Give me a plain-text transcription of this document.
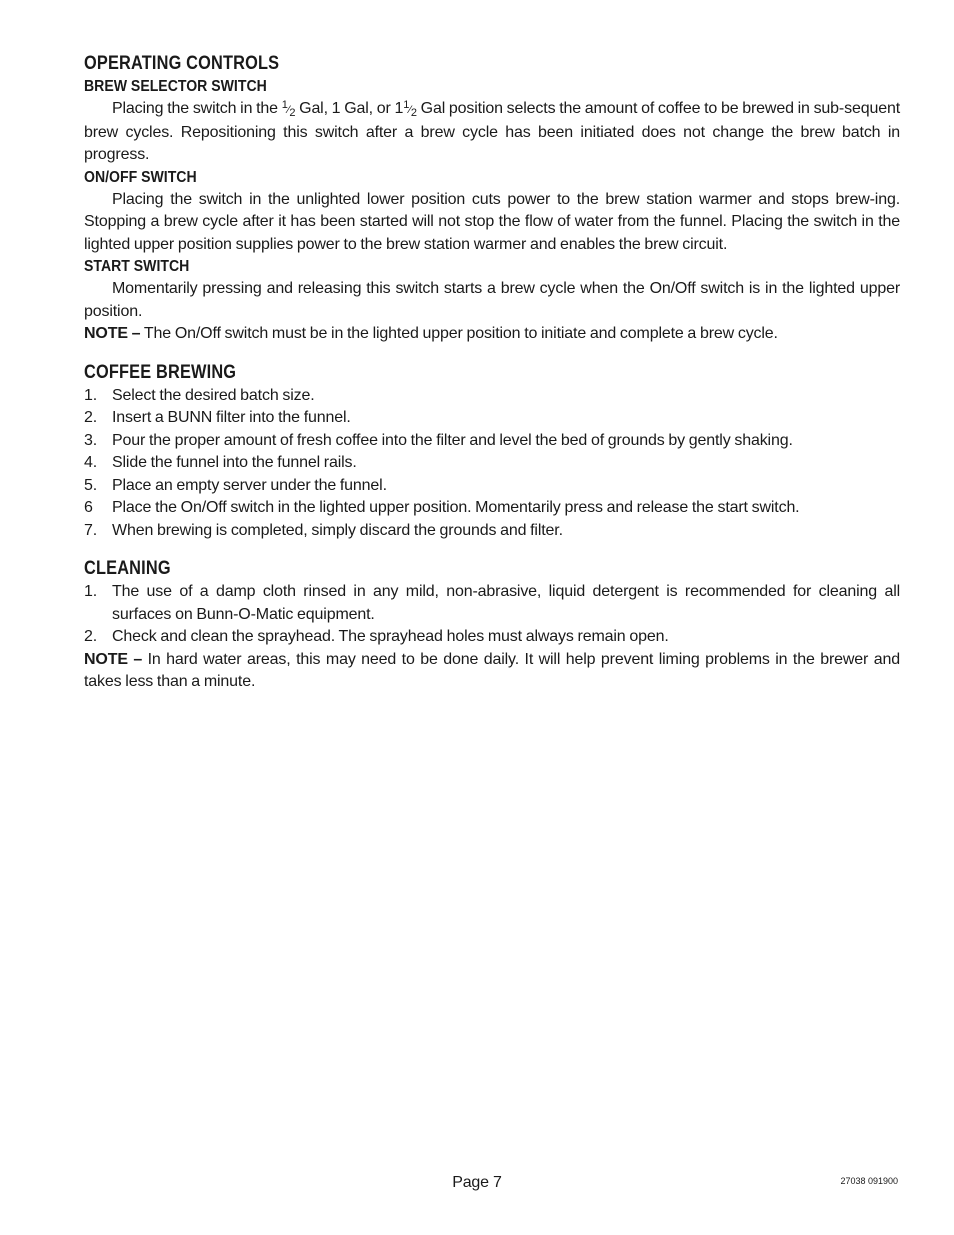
OPERATING CONTROLS
BREW SELECTOR SWITCH

Placing the switch in the 1⁄2 Gal, 1 Gal, or 11⁄2 Gal position selects the amount of coffee to be brewed in sub-sequent brew cycles. Repositioning this switch after a brew cycle has been initiated does not change the brew batch in progress.

ON/OFF SWITCH

Placing the switch in the unlighted lower position cuts power to the brew station warmer and stops brew-ing. Stopping a brew cycle after it has been started will not stop the flow of water from the funnel. Placing the switch in the lighted upper position supplies power to the brew station warmer and enables the brew circuit.

START SWITCH

Momentarily pressing and releasing this switch starts a brew cycle when the On/Off switch is in the lighted upper position.

NOTE – The On/Off switch must be in the lighted upper position to initiate and complete a brew cycle.

COFFEE BREWING
1. Select the desired batch size.
2. Insert a BUNN filter into the funnel.
3. Pour the proper amount of fresh coffee into the filter and level the bed of grounds by gently shaking.
4. Slide the funnel into the funnel rails.
5. Place an empty server under the funnel.
6 Place the On/Off switch in the lighted upper position. Momentarily press and release the start switch.
7. When brewing is completed, simply discard the grounds and filter.
CLEANING
1. The use of a damp cloth rinsed in any mild, non-abrasive, liquid detergent is recommended for cleaning all surfaces on Bunn-O-Matic equipment.
2. Check and clean the sprayhead. The sprayhead holes must always remain open.

NOTE – In hard water areas, this may need to be done daily. It will help prevent liming problems in the brewer and takes less than a minute.

Page 7	27038 091900
